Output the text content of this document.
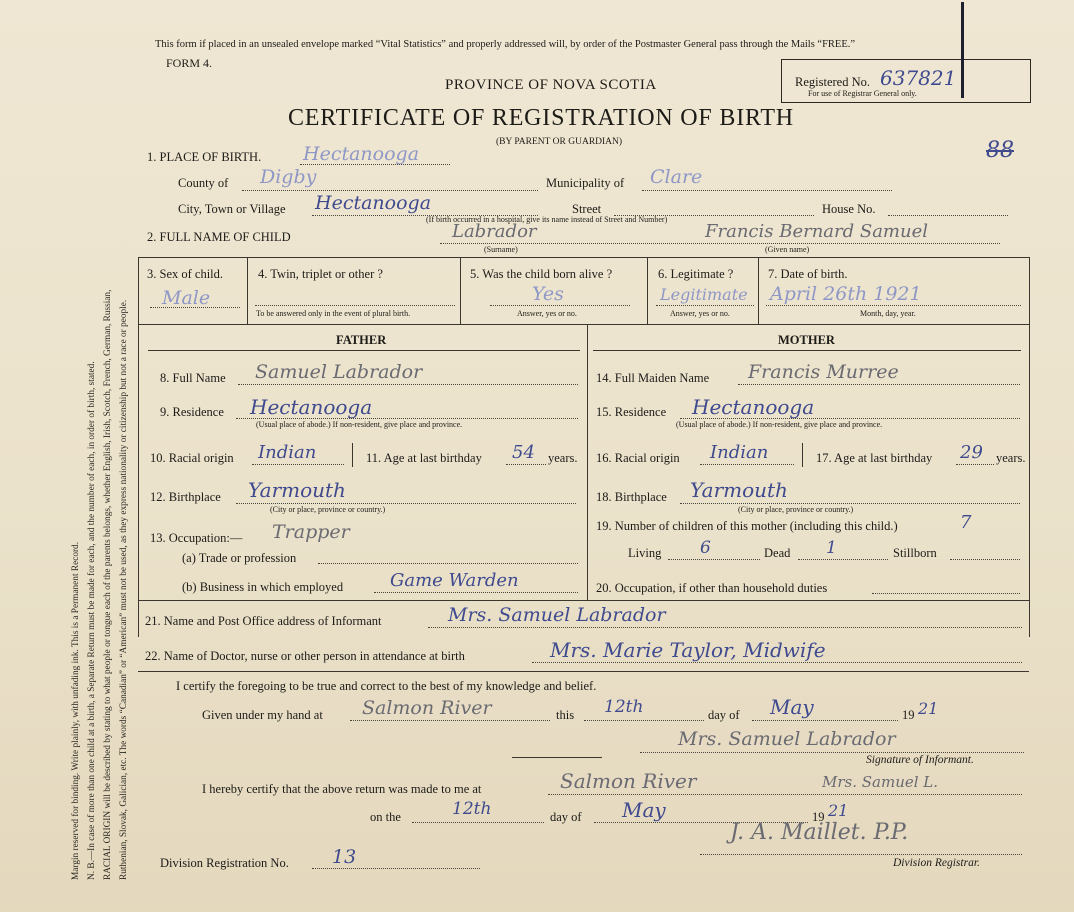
Margin reserved for binding. Write plainly, with unfading ink. This is a Permanent Record. N. B.—In case of more than one child at a birth, a Separate Return must be made for each, and the number of each, in order of birth, stated. RACIAL ORIGIN will be described by stating to what people or tongue each of the parents belongs, whether English, Irish, Scotch, French, German, Russian, Ruthenian, Slovak, Galician, etc. The words “Canadian” or “American” must not be used, as they express nationality or citizenship but not a race or people.
This form if placed in an unsealed envelope marked “Vital Statistics” and properly addressed will, by order of the Postmaster General pass through the Mails “FREE.”
FORM 4.
PROVINCE OF NOVA SCOTIA
CERTIFICATE OF REGISTRATION OF BIRTH
(BY PARENT OR GUARDIAN)
Registered No. 637821
For use of Registrar General only.
88
1. PLACE OF BIRTH. Hectanooga
County of Digby	Municipality of Clare
City, Town or Village Hectanooga	Street	House No.
(If birth occurred in a hospital, give its name instead of Street and Number)
2. FULL NAME OF CHILD	Labrador	Francis Bernard Samuel
(Surname)	(Given name)
3. Sex of child.
Male
4. Twin, triplet or other ?
To be answered only in the event of plural birth.
5. Was the child born alive ?
Yes
Answer, yes or no.
6. Legitimate ?
Legitimate
Answer, yes or no.
7. Date of birth.
April 26th 1921
Month, day, year.
FATHER
8. Full Name Samuel Labrador
9. Residence Hectanooga
(Usual place of abode.) If non-resident, give place and province.
10. Racial origin Indian	11. Age at last birthday 54 years.
12. Birthplace Yarmouth
(City or place, province or country.)
13. Occupation:— Trapper
(a) Trade or profession
(b) Business in which employed	Game Warden
MOTHER
14. Full Maiden Name Francis Murree
15. Residence Hectanooga
(Usual place of abode.) If non-resident, give place and province.
16. Racial origin Indian	17. Age at last birthday 29 years.
18. Birthplace Yarmouth
(City or place, province or country.)
19. Number of children of this mother (including this child.)	7
Living 6	Dead 1	Stillborn
20. Occupation, if other than household duties
21. Name and Post Office address of Informant	Mrs. Samuel Labrador
22. Name of Doctor, nurse or other person in attendance at birth	Mrs. Marie Taylor, Midwife
I certify the foregoing to be true and correct to the best of my knowledge and belief.
Given under my hand at Salmon River	this 12th	day of May	19 21
Mrs. Samuel Labrador
Signature of Informant.
I hereby certify that the above return was made to me at	Salmon River	Mrs. Samuel L.
on the	12th	day of May	19 21
Division Registration No. 13
J. A. Maillet. P.P.
Division Registrar.
